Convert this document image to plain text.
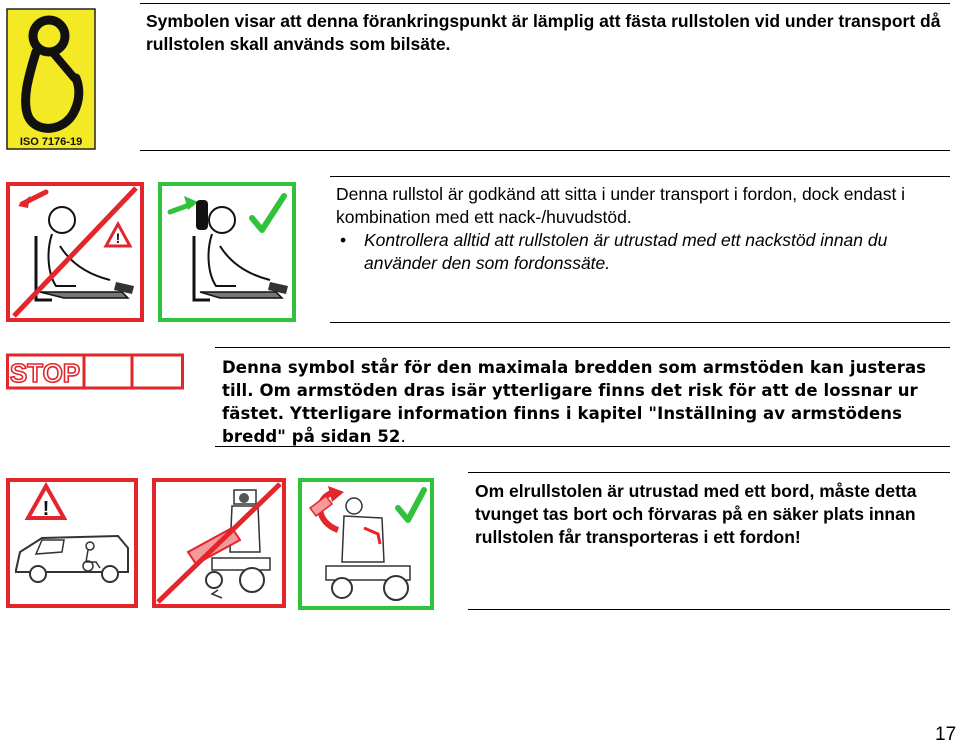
ISO 7176-19
Symbolen visar att denna förankringspunkt är lämplig att fästa rullstolen vid under transport då rullstolen skall används som bilsäte.
!
Denna rullstol är godkänd att sitta i under transport i fordon, dock endast i kombination med ett nack-/huvudstöd.
• Kontrollera alltid att rullstolen är utrustad med ett nackstöd innan du använder den som fordonssäte.
STOP	Denna symbol står för den maximala bredden som armstöden kan justeras till. Om armstöden dras isär ytterligare finns det risk för att de lossnar ur fästet. Ytterligare information finns i kapitel "Inställning av armstödens bredd" på sidan 52.
!
Om elrullstolen är utrustad med ett bord, måste detta tvunget tas bort och förvaras på en säker plats innan rullstolen får transporteras i ett fordon!
17
